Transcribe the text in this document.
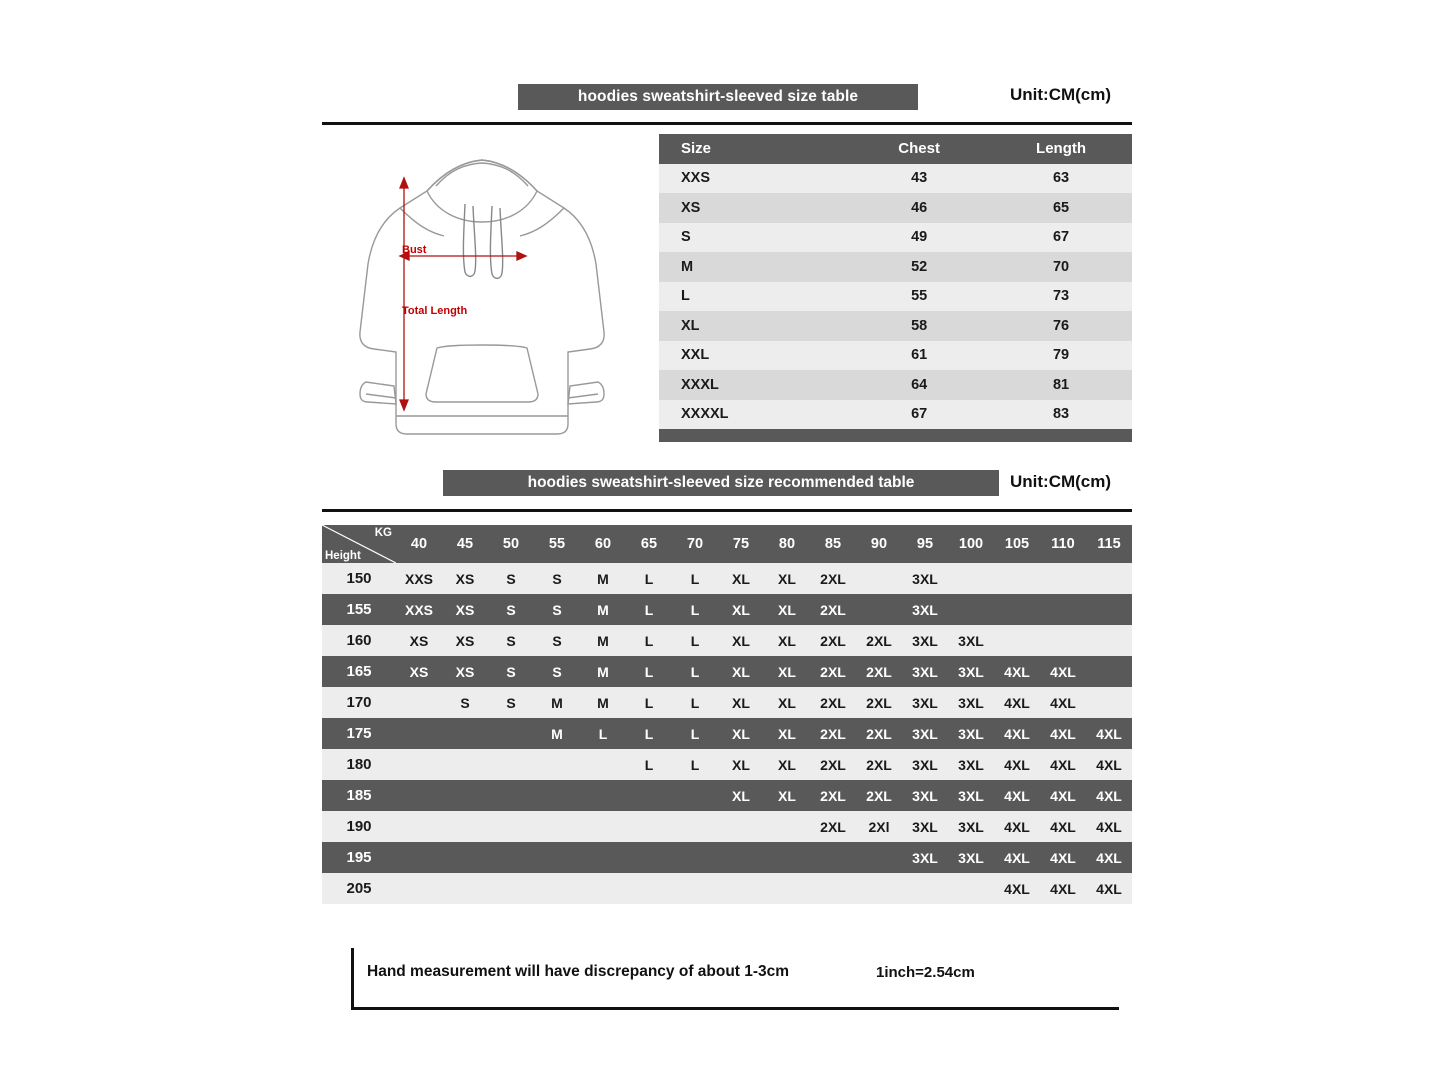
hoodies sweatshirt-sleeved size table	Unit:CM(cm)
Bust
Total Length
Size	Chest	Length
XXS	43	63
XS	46	65
S	49	67
M	52	70
L	55	73
XL	58	76
XXL	61	79
XXXL	64	81
XXXXL	67	83

hoodies sweatshirt-sleeved size recommended table	Unit:CM(cm)
KG
Height	40	45	50	55	60	65	70	75	80	85	90	95	100	105	110	115
150	XXS	XS	S	S	M	L	L	XL	XL	2XL		3XL				
155	XXS	XS	S	S	M	L	L	XL	XL	2XL		3XL				
160	XS	XS	S	S	M	L	L	XL	XL	2XL	2XL	3XL	3XL			
165	XS	XS	S	S	M	L	L	XL	XL	2XL	2XL	3XL	3XL	4XL	4XL	
170		S	S	M	M	L	L	XL	XL	2XL	2XL	3XL	3XL	4XL	4XL	
175				M	L	L	L	XL	XL	2XL	2XL	3XL	3XL	4XL	4XL	4XL
180						L	L	XL	XL	2XL	2XL	3XL	3XL	4XL	4XL	4XL
185								XL	XL	2XL	2XL	3XL	3XL	4XL	4XL	4XL
190										2XL	2Xl	3XL	3XL	4XL	4XL	4XL
195												3XL	3XL	4XL	4XL	4XL
205														4XL	4XL	4XL
Hand measurement will have discrepancy of about 1-3cm	1inch=2.54cm
